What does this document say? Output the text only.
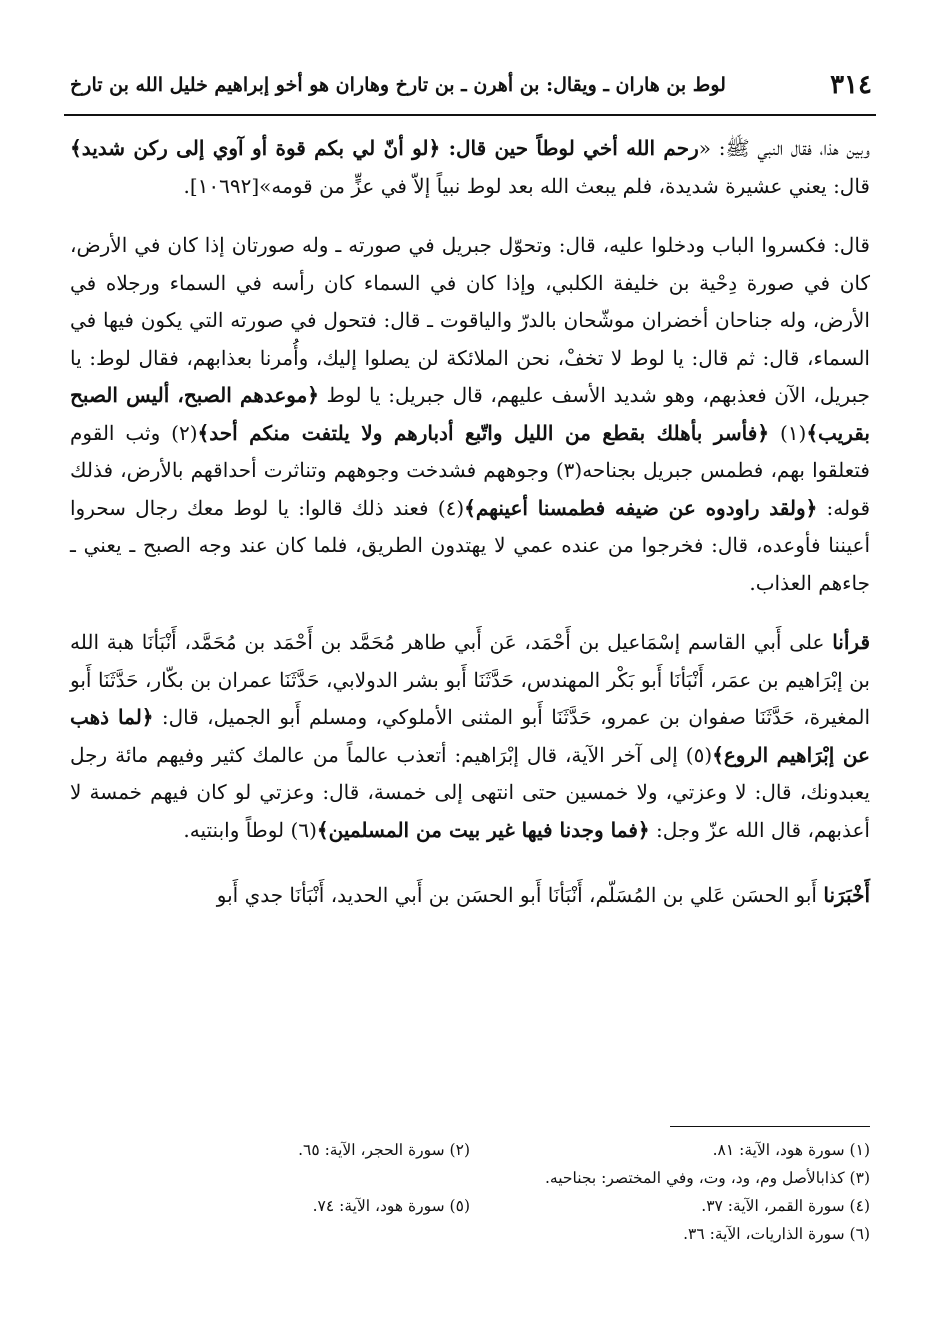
٣١٤
لوط بن هاران ـ ويقال: بن أهرن ـ بن تارخ وهاران هو أخو إبراهيم خليل الله بن تارخ

وبين هذا، فقال النبي ﷺ: «رحم الله أخي لوطاً حين قال: ﴿لو أنّ لي بكم قوة أو آوي إلى ركن شديد﴾ قال: يعني عشيرة شديدة، فلم يبعث الله بعد لوط نبياً إلاّ في عزٍّ من قومه»[١٠٦٩٢].

قال: فكسروا الباب ودخلوا عليه، قال: وتحوّل جبريل في صورته ـ وله صورتان إذا كان في الأرض، كان في صورة دِحْية بن خليفة الكلبي، وإذا كان في السماء كان رأسه في السماء ورجلاه في الأرض، وله جناحان أخضران موشّحان بالدرّ والياقوت ـ قال: فتحول في صورته التي يكون فيها في السماء، قال: ثم قال: يا لوط لا تخفْ، نحن الملائكة لن يصلوا إليك، وأُمرنا بعذابهم، فقال لوط: يا جبريل، الآن فعذبهم، وهو شديد الأسف عليهم، قال جبريل: يا لوط ﴿موعدهم الصبح، أليس الصبح بقريب﴾(١) ﴿فأسر بأهلك بقطع من الليل واتّبع أدبارهم ولا يلتفت منكم أحد﴾(٢) وثب القوم فتعلقوا بهم، فطمس جبريل بجناحه(٣) وجوههم فشدخت وجوههم وتناثرت أحداقهم بالأرض، فذلك قوله: ﴿ولقد راودوه عن ضيفه فطمسنا أعينهم﴾(٤) فعند ذلك قالوا: يا لوط معك رجال سحروا أعيننا فأوعده، قال: فخرجوا من عنده عمي لا يهتدون الطريق، فلما كان عند وجه الصبح ـ يعني ـ جاءهم العذاب.

قرأنا على أَبي القاسم إسْمَاعيل بن أَحْمَد، عَن أَبي طاهر مُحَمَّد بن أَحْمَد بن مُحَمَّد، أَنْبَأنَا هبة الله بن إبْرَاهيم بن عمَر، أَنْبَأنَا أَبو بَكْر المهندس، حَدَّثَنَا أَبو بشر الدولابي، حَدَّثَنَا عمران بن بكّار، حَدَّثَنَا أَبو المغيرة، حَدَّثَنَا صفوان بن عمرو، حَدَّثَنَا أَبو المثنى الأملوكي، ومسلم أَبو الجميل، قال: ﴿لما ذهب عن إبْرَاهيم الروع﴾(٥) إلى آخر الآية، قال إبْرَاهيم: أتعذب عالماً من عالمك كثير وفيهم مائة رجل يعبدونك، قال: لا وعزتي، ولا خمسين حتى انتهى إلى خمسة، قال: وعزتي لو كان فيهم خمسة لا أعذبهم، قال الله عزّ وجل: ﴿فما وجدنا فيها غير بيت من المسلمين﴾(٦) لوطاً وابنتيه.

أَخْبَرَنا أَبو الحسَن عَلي بن المُسَلّم، أَنْبَأنَا أَبو الحسَن بن أَبي الحديد، أَنْبَأنَا جدي أَبو

(١) سورة هود، الآية: ٨١.
(٢) سورة الحجر، الآية: ٦٥.
(٣) كذابالأصل وم، ود، وت، وفي المختصر: بجناحيه.
(٤) سورة القمر، الآية: ٣٧.
(٥) سورة هود، الآية: ٧٤.
(٦) سورة الذاريات، الآية: ٣٦.
